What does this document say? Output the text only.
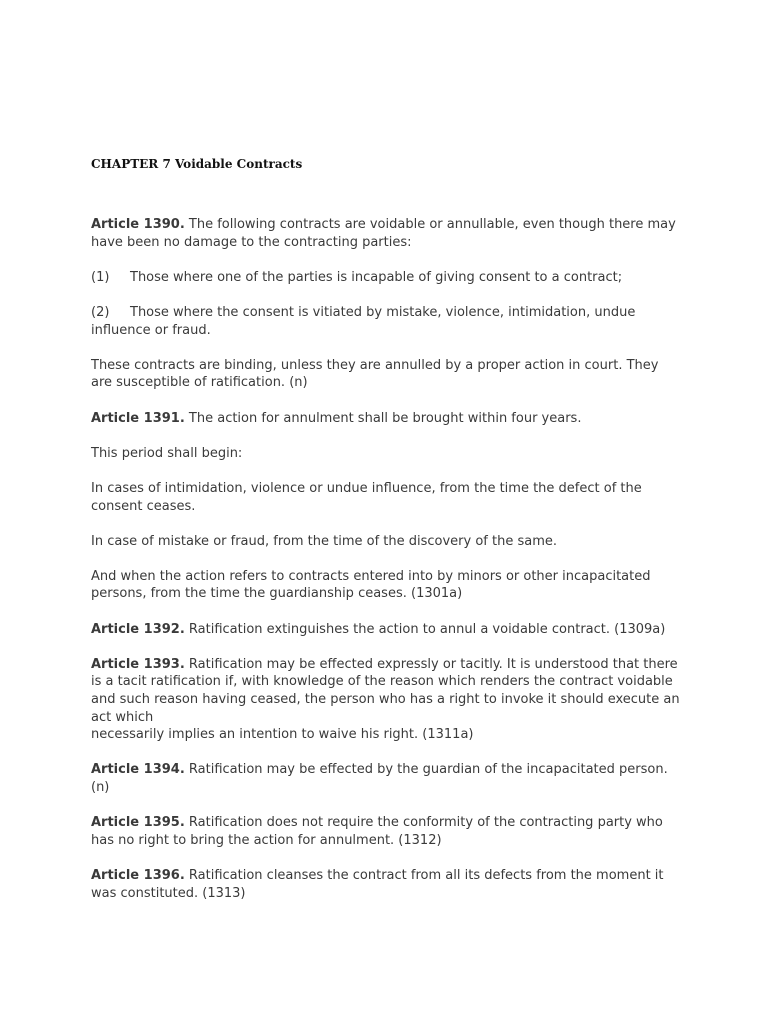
CHAPTER 7 Voidable Contracts

Article 1390. The following contracts are voidable or annullable, even though there may have been no damage to the contracting parties:

(1) Those where one of the parties is incapable of giving consent to a contract;

(2) Those where the consent is vitiated by mistake, violence, intimidation, undue influence or fraud.

These contracts are binding, unless they are annulled by a proper action in court. They are susceptible of ratification. (n)

Article 1391. The action for annulment shall be brought within four years.

This period shall begin:

In cases of intimidation, violence or undue influence, from the time the defect of the consent ceases.

In case of mistake or fraud, from the time of the discovery of the same.

And when the action refers to contracts entered into by minors or other incapacitated persons, from the time the guardianship ceases. (1301a)

Article 1392. Ratification extinguishes the action to annul a voidable contract. (1309a)

Article 1393. Ratification may be effected expressly or tacitly. It is understood that there is a tacit ratification if, with knowledge of the reason which renders the contract voidable and such reason having ceased, the person who has a right to invoke it should execute an act which
necessarily implies an intention to waive his right. (1311a)

Article 1394. Ratification may be effected by the guardian of the incapacitated person. (n)

Article 1395. Ratification does not require the conformity of the contracting party who has no right to bring the action for annulment. (1312)

Article 1396. Ratification cleanses the contract from all its defects from the moment it was constituted. (1313)
